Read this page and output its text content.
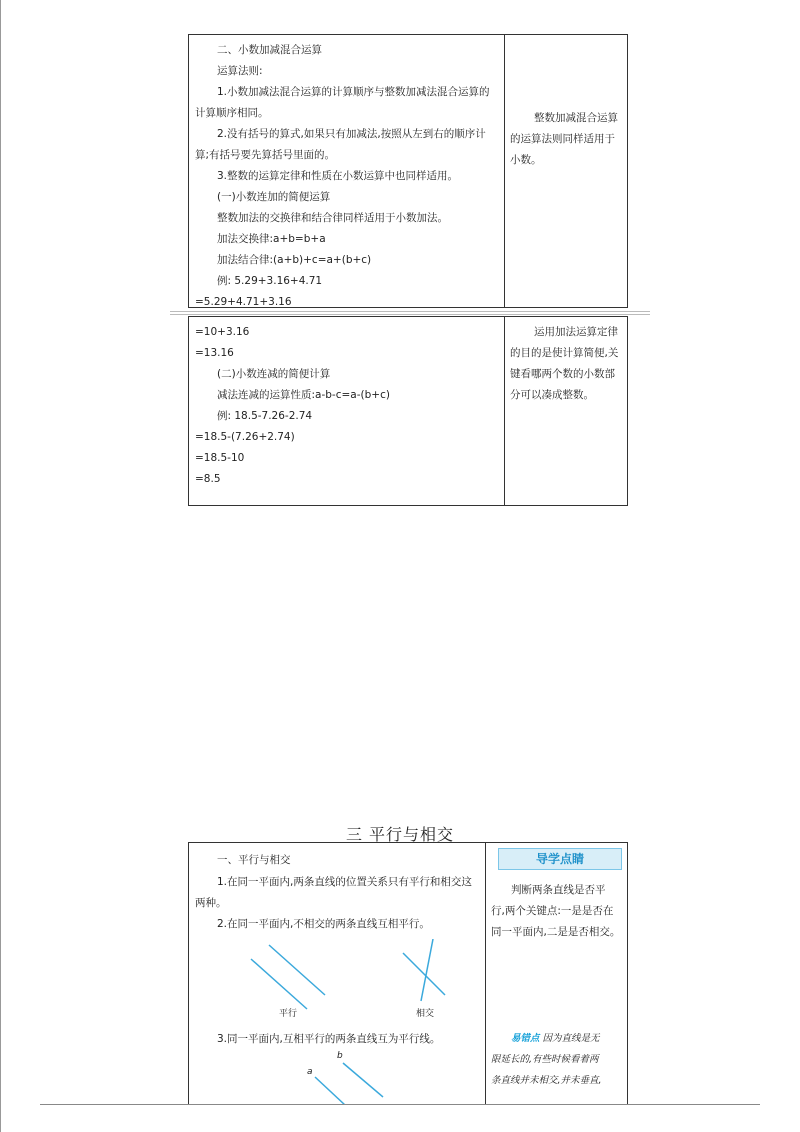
二、小数加减混合运算
运算法则:
1.小数加减法混合运算的计算顺序与整数加减法混合运算的
计算顺序相同。
2.没有括号的算式,如果只有加减法,按照从左到右的顺序计
算;有括号要先算括号里面的。
3.整数的运算定律和性质在小数运算中也同样适用。
(一)小数连加的简便运算
整数加法的交换律和结合律同样适用于小数加法。
加法交换律:a+b=b+a
加法结合律:(a+b)+c=a+(b+c)
例: 5.29+3.16+4.71
=5.29+4.71+3.16
整数加减混合运算
的运算法则同样适用于
小数。
=10+3.16
=13.16
(二)小数连减的简便计算
减法连减的运算性质:a-b-c=a-(b+c)
例: 18.5-7.26-2.74
=18.5-(7.26+2.74)
=18.5-10
=8.5
运用加法运算定律
的目的是使计算简便,关
键看哪两个数的小数部
分可以凑成整数。
三 平行与相交
一、平行与相交
1.在同一平面内,两条直线的位置关系只有平行和相交这
两种。
2.在同一平面内,不相交的两条直线互相平行。
平行	相交
3.同一平面内,互相平行的两条直线互为平行线。
b
a
判断两条直线是否平
行,两个关键点:一是是否在
同一平面内,二是是否相交。
易错点 因为直线是无
限延长的,有些时候看着两
条直线并未相交,并未垂直,
导学点睛
